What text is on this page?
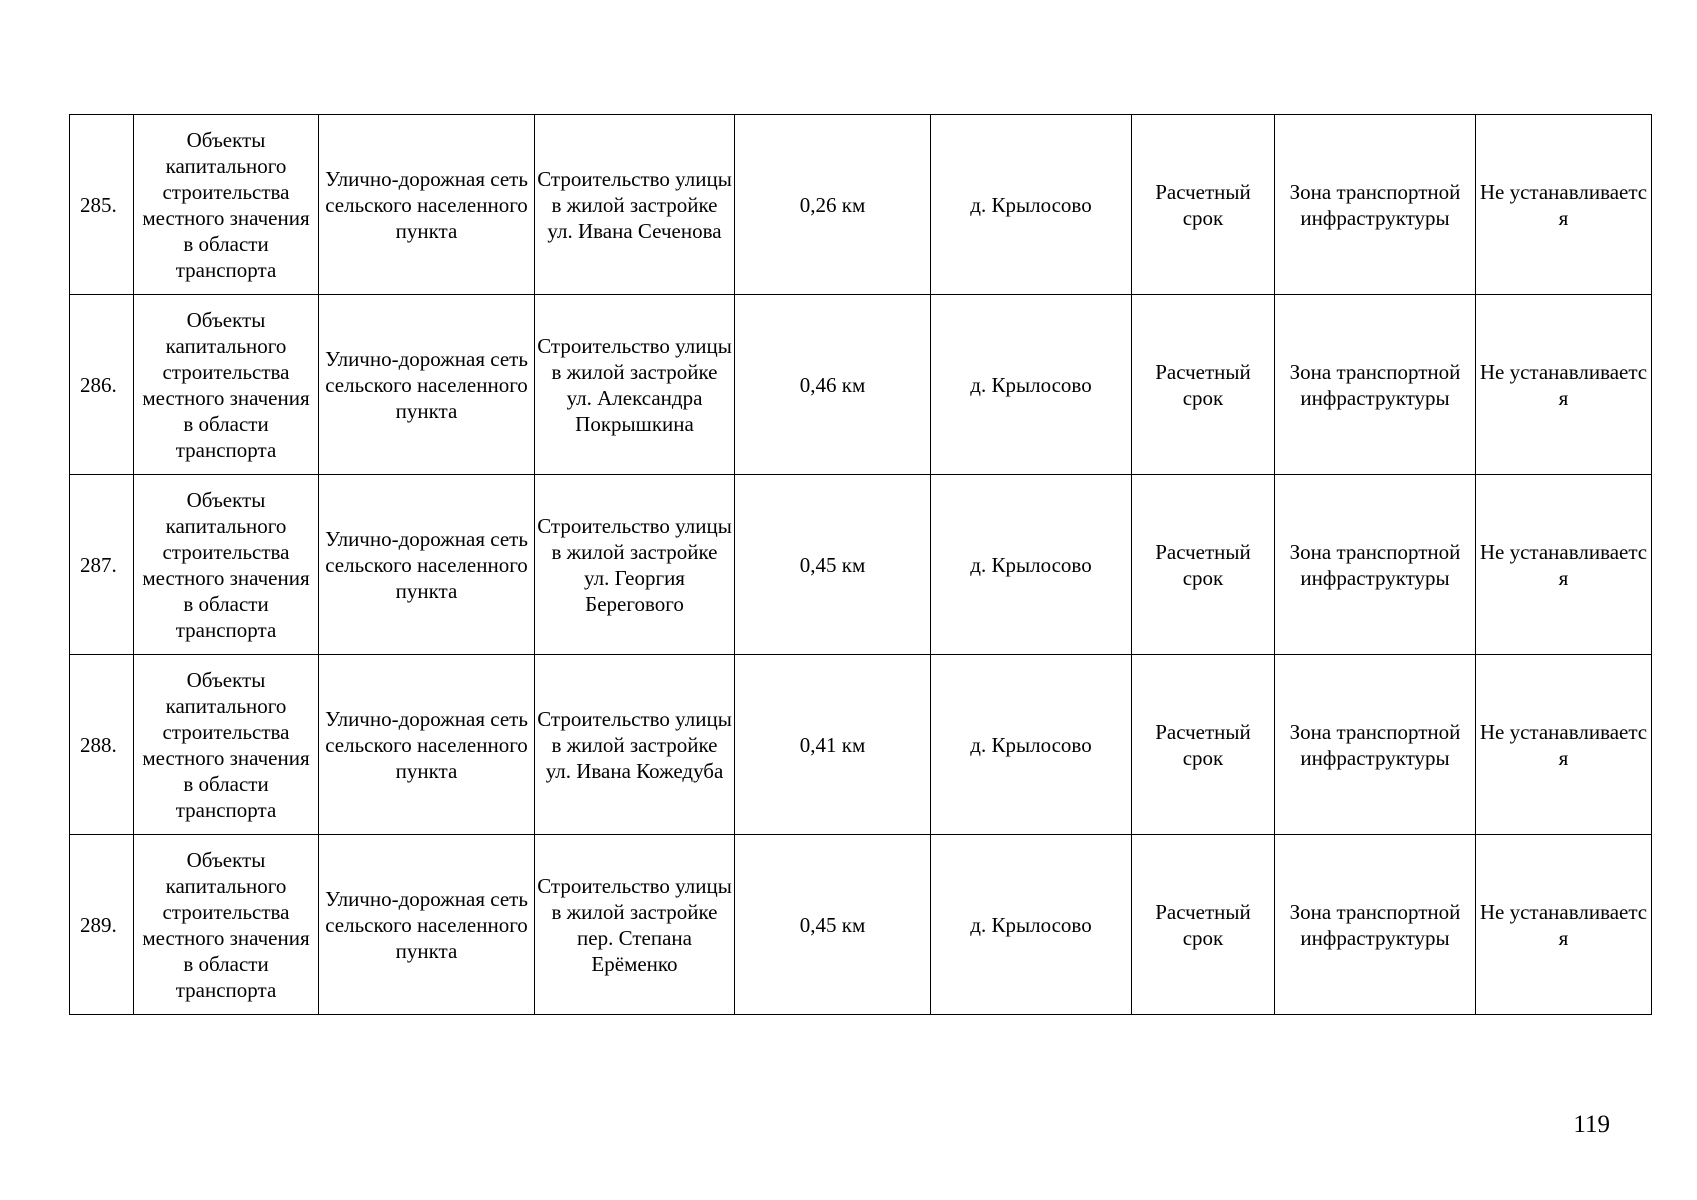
285.	Объекты капитального строительства местного значения в области транспорта	Улично-дорожная сеть сельского населенного пункта	Строительство улицы в жилой застройке ул. Ивана Сеченова	0,26 км	д. Крылосово	Расчетный срок	Зона транспортной инфраструктуры	Не устанавливаетс я
286.	Объекты капитального строительства местного значения в области транспорта	Улично-дорожная сеть сельского населенного пункта	Строительство улицы в жилой застройке ул. Александра Покрышкина	0,46 км	д. Крылосово	Расчетный срок	Зона транспортной инфраструктуры	Не устанавливаетс я
287.	Объекты капитального строительства местного значения в области транспорта	Улично-дорожная сеть сельского населенного пункта	Строительство улицы в жилой застройке ул. Георгия Берегового	0,45 км	д. Крылосово	Расчетный срок	Зона транспортной инфраструктуры	Не устанавливаетс я
288.	Объекты капитального строительства местного значения в области транспорта	Улично-дорожная сеть сельского населенного пункта	Строительство улицы в жилой застройке ул. Ивана Кожедуба	0,41 км	д. Крылосово	Расчетный срок	Зона транспортной инфраструктуры	Не устанавливаетс я
289.	Объекты капитального строительства местного значения в области транспорта	Улично-дорожная сеть сельского населенного пункта	Строительство улицы в жилой застройке пер. Степана Ерёменко	0,45 км	д. Крылосово	Расчетный срок	Зона транспортной инфраструктуры	Не устанавливаетс я
119
